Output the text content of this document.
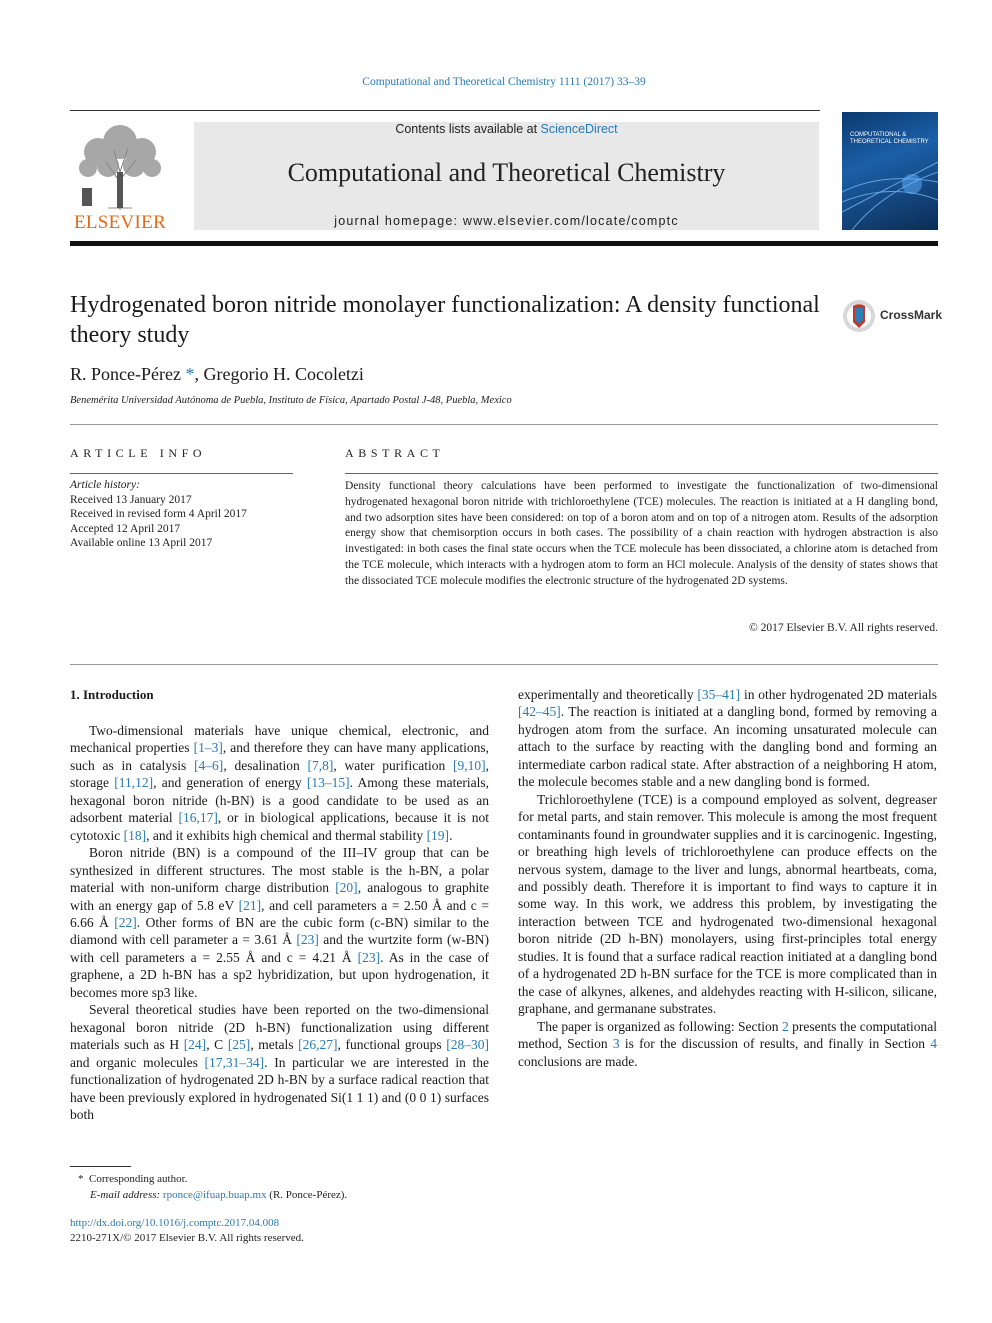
Computational and Theoretical Chemistry 1111 (2017) 33–39
ELSEVIER
Contents lists available at ScienceDirect
Computational and Theoretical Chemistry
journal homepage: www.elsevier.com/locate/comptc
COMPUTATIONAL & THEORETICAL CHEMISTRY
Hydrogenated boron nitride monolayer functionalization: A density functional theory study
CrossMark
R. Ponce-Pérez *, Gregorio H. Cocoletzi
Benemérita Universidad Autónoma de Puebla, Instituto de Física, Apartado Postal J-48, Puebla, Mexico
ARTICLE INFO
Article history:
Received 13 January 2017
Received in revised form 4 April 2017
Accepted 12 April 2017
Available online 13 April 2017
ABSTRACT
Density functional theory calculations have been performed to investigate the functionalization of two-dimensional hydrogenated hexagonal boron nitride with trichloroethylene (TCE) molecules. The reaction is initiated at a H dangling bond, and two adsorption sites have been considered: on top of a boron atom and on top of a nitrogen atom. Results of the adsorption energy show that chemisorption occurs in both cases. The possibility of a chain reaction with hydrogen abstraction is also investigated: in both cases the final state occurs when the TCE molecule has been dissociated, a chlorine atom is detached from the TCE molecule, which interacts with a hydrogen atom to form an HCl molecule. Analysis of the density of states shows that the dissociated TCE molecule modifies the electronic structure of the hydrogenated 2D systems.
© 2017 Elsevier B.V. All rights reserved.
1. Introduction

Two-dimensional materials have unique chemical, electronic, and mechanical properties [1–3], and therefore they can have many applications, such as in catalysis [4–6], desalination [7,8], water purification [9,10], storage [11,12], and generation of energy [13–15]. Among these materials, hexagonal boron nitride (h-BN) is a good candidate to be used as an adsorbent material [16,17], or in biological applications, because it is not cytotoxic [18], and it exhibits high chemical and thermal stability [19].

Boron nitride (BN) is a compound of the III–IV group that can be synthesized in different structures. The most stable is the h-BN, a polar material with non-uniform charge distribution [20], analogous to graphite with an energy gap of 5.8 eV [21], and cell parameters a = 2.50 Å and c = 6.66 Å [22]. Other forms of BN are the cubic form (c-BN) similar to the diamond with cell parameter a = 3.61 Å [23] and the wurtzite form (w-BN) with cell parameters a = 2.55 Å and c = 4.21 Å [23]. As in the case of graphene, a 2D h-BN has a sp2 hybridization, but upon hydrogenation, it becomes more sp3 like.

Several theoretical studies have been reported on the two-dimensional hexagonal boron nitride (2D h-BN) functionalization using different materials such as H [24], C [25], metals [26,27], functional groups [28–30] and organic molecules [17,31–34]. In particular we are interested in the functionalization of hydrogenated 2D h-BN by a surface radical reaction that have been previously explored in hydrogenated Si(1 1 1) and (0 0 1) surfaces both

experimentally and theoretically [35–41] in other hydrogenated 2D materials [42–45]. The reaction is initiated at a dangling bond, formed by removing a hydrogen atom from the surface. An incoming unsaturated molecule can attach to the surface by reacting with the dangling bond and forming an intermediate carbon radical state. After abstraction of a neighboring H atom, the molecule becomes stable and a new dangling bond is formed.

Trichloroethylene (TCE) is a compound employed as solvent, degreaser for metal parts, and stain remover. This molecule is among the most frequent contaminants found in groundwater supplies and it is carcinogenic. Ingesting, or breathing high levels of trichloroethylene can produce effects on the nervous system, damage to the liver and lungs, abnormal heartbeats, coma, and possibly death. Therefore it is important to find ways to capture it in some way. In this work, we address this problem, by investigating the interaction between TCE and hydrogenated two-dimensional hexagonal boron nitride (2D h-BN) monolayers, using first-principles total energy studies. It is found that a surface radical reaction initiated at a dangling bond of a hydrogenated 2D h-BN surface for the TCE is more complicated than in the case of alkynes, alkenes, and aldehydes reacting with H-silicon, silicane, graphane, and germanane substrates.

The paper is organized as following: Section 2 presents the computational method, Section 3 is for the discussion of results, and finally in Section 4 conclusions are made.

* Corresponding author.
E-mail address: rponce@ifuap.buap.mx (R. Ponce-Pérez).
http://dx.doi.org/10.1016/j.comptc.2017.04.008
2210-271X/© 2017 Elsevier B.V. All rights reserved.
